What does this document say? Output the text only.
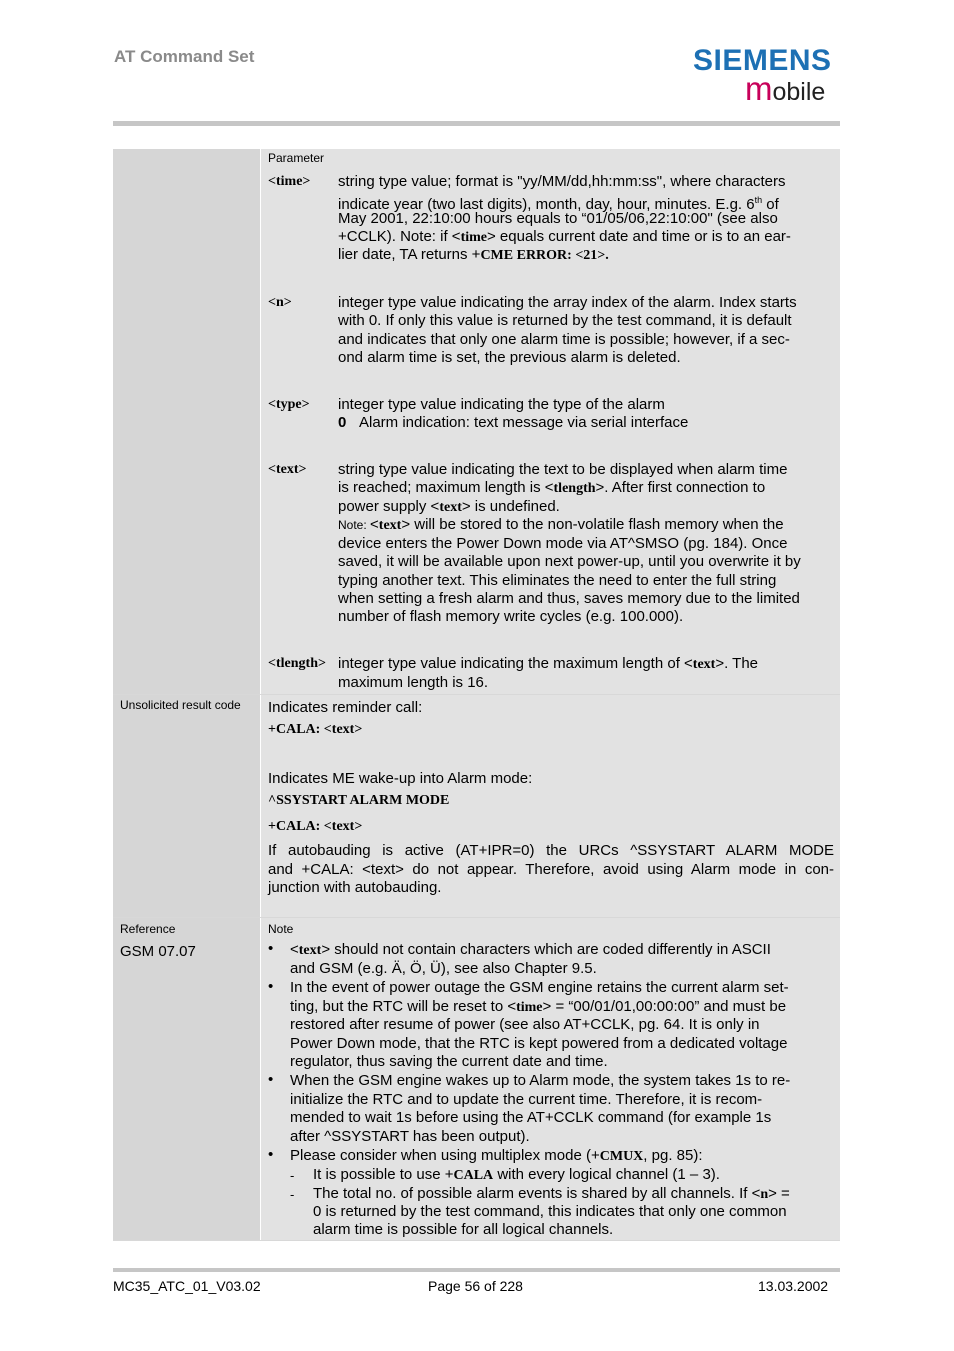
AT Command Set	SIEMENS
mobile
Parameter
<time> string type value; format is "yy/MM/dd,hh:mm:ss", where characters
indicate year (two last digits), month, day, hour, minutes. E.g. 6th of
May 2001, 22:10:00 hours equals to “01/05/06,22:10:00" (see also
+CCLK). Note: if <time> equals current date and time or is to an ear-
lier date, TA returns +CME ERROR: <21>.
<n>	integer type value indicating the array index of the alarm. Index starts
with 0. If only this value is returned by the test command, it is default
and indicates that only one alarm time is possible; however, if a sec-
ond alarm time is set, the previous alarm is deleted.
<type> integer type value indicating the type of the alarm
0 Alarm indication: text message via serial interface
<text> string type value indicating the text to be displayed when alarm time
is reached; maximum length is <tlength>. After first connection to
power supply <text> is undefined.
Note: <text> will be stored to the non-volatile flash memory when the
device enters the Power Down mode via AT^SMSO (pg. 184). Once
saved, it will be available upon next power-up, until you overwrite it by
typing another text. This eliminates the need to enter the full string
when setting a fresh alarm and thus, saves memory due to the limited
number of flash memory write cycles (e.g. 100.000).
<tlength> integer type value indicating the maximum length of <text>. The
maximum length is 16.
Unsolicited result code Indicates reminder call:
+CALA: <text>
Indicates ME wake-up into Alarm mode:
^SSYSTART ALARM MODE
+CALA: <text>
If autobauding is active (AT+IPR=0) the URCs ^SSYSTART ALARM MODE
and +CALA: <text> do not appear. Therefore, avoid using Alarm mode in con-
junction with autobauding.
Reference
GSM 07.07
Note
• <text> should not contain characters which are coded differently in ASCII
and GSM (e.g. Ä, Ö, Ü), see also Chapter 9.5.
• In the event of power outage the GSM engine retains the current alarm set-
ting, but the RTC will be reset to <time> = “00/01/01,00:00:00” and must be
restored after resume of power (see also AT+CCLK, pg. 64. It is only in
Power Down mode, that the RTC is kept powered from a dedicated voltage
regulator, thus saving the current date and time.
• When the GSM engine wakes up to Alarm mode, the system takes 1s to re-
initialize the RTC and to update the current time. Therefore, it is recom-
mended to wait 1s before using the AT+CCLK command (for example 1s
after ^SSYSTART has been output).
• Please consider when using multiplex mode (+CMUX, pg. 85):
- It is possible to use +CALA with every logical channel (1 – 3).
- The total no. of possible alarm events is shared by all channels. If <n> =
0 is returned by the test command, this indicates that only one common
alarm time is possible for all logical channels.
MC35_ATC_01_V03.02	Page 56 of 228	13.03.2002
